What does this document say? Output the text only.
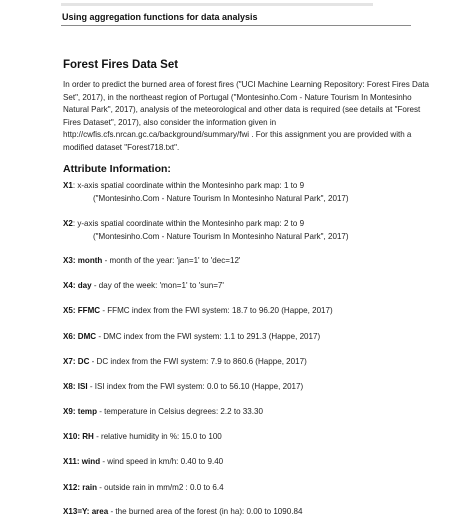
Using aggregation functions for data analysis
Forest Fires Data Set

In order to predict the burned area of forest fires ("UCI Machine Learning Repository: Forest Fires Data Set", 2017), in the northeast region of Portugal ("Montesinho.Com - Nature Tourism In Montesinho Natural Park", 2017), analysis of the meteorological and other data is required (see details at "Forest Fires Dataset", 2017), also consider the information given in http://cwfis.cfs.nrcan.gc.ca/background/summary/fwi . For this assignment you are provided with a modified dataset "Forest718.txt".

Attribute Information:
X1: x-axis spatial coordinate within the Montesinho park map: 1 to 9
("Montesinho.Com - Nature Tourism In Montesinho Natural Park", 2017)
X2: y-axis spatial coordinate within the Montesinho park map: 2 to 9
("Montesinho.Com - Nature Tourism In Montesinho Natural Park", 2017)
X3: month - month of the year: 'jan=1' to 'dec=12'
X4: day - day of the week: 'mon=1' to 'sun=7'
X5: FFMC - FFMC index from the FWI system: 18.7 to 96.20 (Happe, 2017)
X6: DMC - DMC index from the FWI system: 1.1 to 291.3 (Happe, 2017)
X7: DC - DC index from the FWI system: 7.9 to 860.6 (Happe, 2017)
X8: ISI - ISI index from the FWI system: 0.0 to 56.10 (Happe, 2017)
X9: temp - temperature in Celsius degrees: 2.2 to 33.30
X10: RH - relative humidity in %: 15.0 to 100
X11: wind - wind speed in km/h: 0.40 to 9.40
X12: rain - outside rain in mm/m2 : 0.0 to 6.4
X13=Y: area - the burned area of the forest (in ha): 0.00 to 1090.84
